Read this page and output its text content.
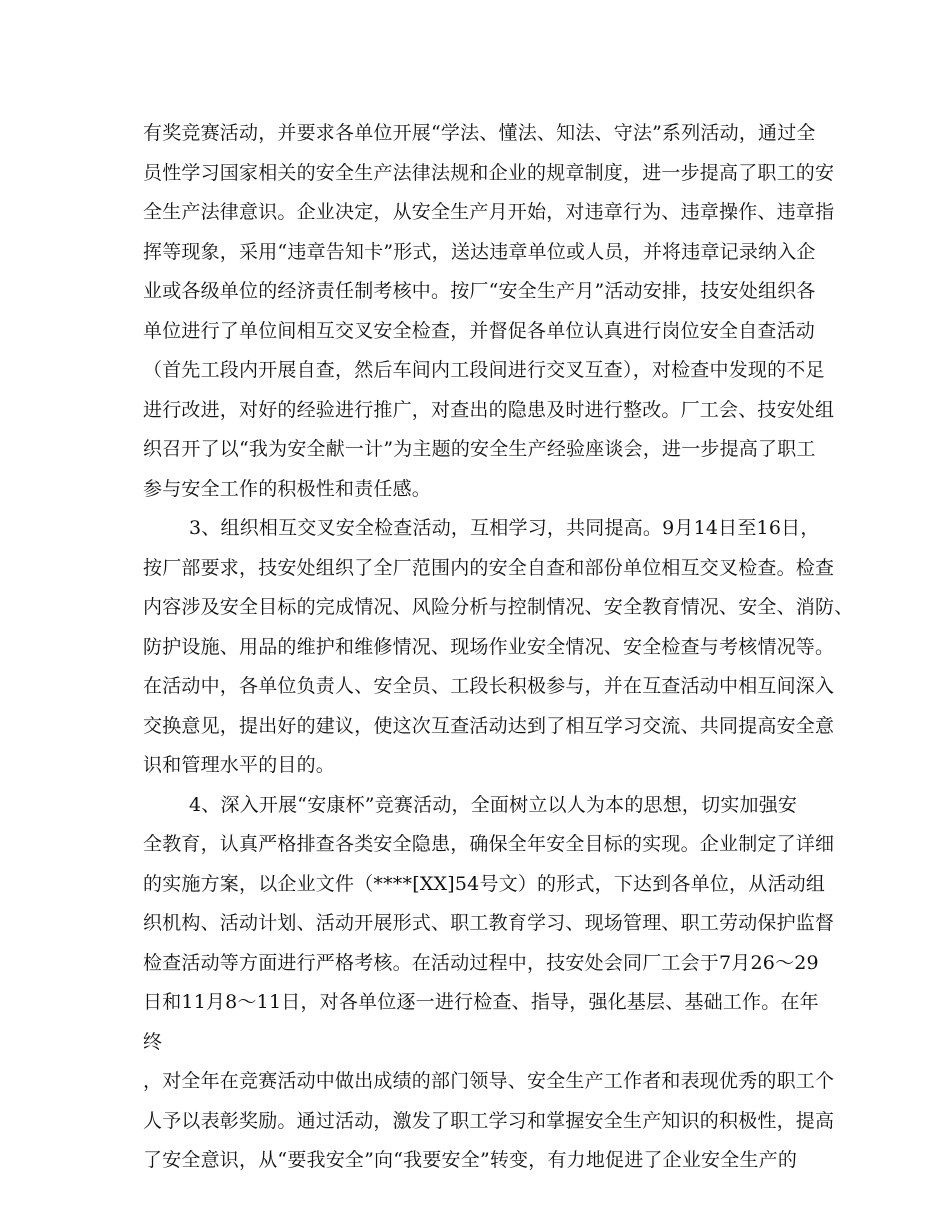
有奖竞赛活动，并要求各单位开展“学法、懂法、知法、守法”系列活动，通过全
员性学习国家相关的安全生产法律法规和企业的规章制度，进一步提高了职工的安
全生产法律意识。企业决定，从安全生产月开始，对违章行为、违章操作、违章指
挥等现象，采用“违章告知卡”形式，送达违章单位或人员，并将违章记录纳入企
业或各级单位的经济责任制考核中。按厂“安全生产月”活动安排，技安处组织各
单位进行了单位间相互交叉安全检查，并督促各单位认真进行岗位安全自查活动
（首先工段内开展自查，然后车间内工段间进行交叉互查），对检查中发现的不足
进行改进，对好的经验进行推广，对查出的隐患及时进行整改。厂工会、技安处组
织召开了以“我为安全献一计”为主题的安全生产经验座谈会，进一步提高了职工
参与安全工作的积极性和责任感。
3、组织相互交叉安全检查活动，互相学习，共同提高。9月14日至16日，
按厂部要求，技安处组织了全厂范围内的安全自查和部份单位相互交叉检查。检查
内容涉及安全目标的完成情况、风险分析与控制情况、安全教育情况、安全、消防、
防护设施、用品的维护和维修情况、现场作业安全情况、安全检查与考核情况等。
在活动中，各单位负责人、安全员、工段长积极参与，并在互查活动中相互间深入
交换意见，提出好的建议，使这次互查活动达到了相互学习交流、共同提高安全意
识和管理水平的目的。
4、深入开展“安康杯”竞赛活动，全面树立以人为本的思想，切实加强安
全教育，认真严格排查各类安全隐患，确保全年安全目标的实现。企业制定了详细
的实施方案，以企业文件（****[XX]54号文）的形式，下达到各单位，从活动组
织机构、活动计划、活动开展形式、职工教育学习、现场管理、职工劳动保护监督
检查活动等方面进行严格考核。在活动过程中，技安处会同厂工会于7月26～29
日和11月8～11日，对各单位逐一进行检查、指导，强化基层、基础工作。在年
终
，对全年在竞赛活动中做出成绩的部门领导、安全生产工作者和表现优秀的职工个
人予以表彰奖励。通过活动，激发了职工学习和掌握安全生产知识的积极性，提高
了安全意识，从“要我安全”向“我要安全”转变，有力地促进了企业安全生产的
